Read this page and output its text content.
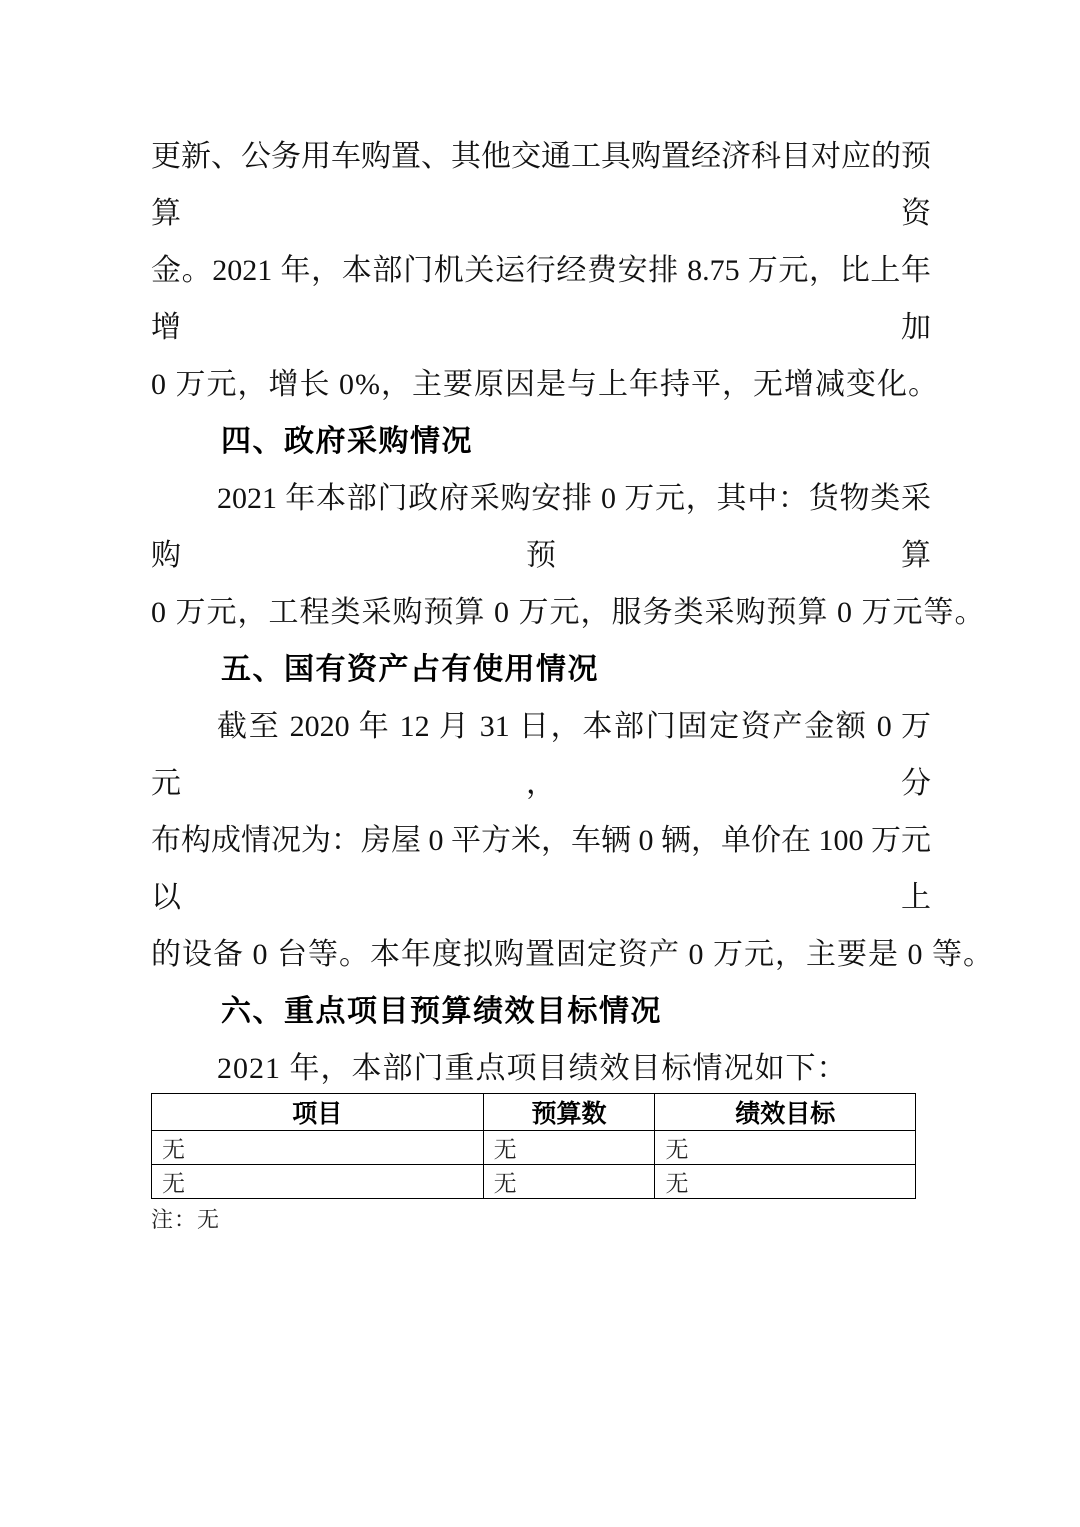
更新、公务用车购置、其他交通工具购置经济科目对应的预算资
金。2021 年，本部门机关运行经费安排 8.75 万元，比上年增加
0 万元，增长 0%，主要原因是与上年持平，无增减变化。
四、政府采购情况
2021 年本部门政府采购安排 0 万元，其中：货物类采购预算
0 万元，工程类采购预算 0 万元，服务类采购预算 0 万元等。
五、国有资产占有使用情况
截至 2020 年 12 月 31 日，本部门固定资产金额 0 万元，分
布构成情况为：房屋 0 平方米，车辆 0 辆，单价在 100 万元以上
的设备 0 台等。本年度拟购置固定资产 0 万元，主要是 0 等。
六、重点项目预算绩效目标情况
2021 年，本部门重点项目绩效目标情况如下：
项目	预算数	绩效目标
无	无	无
无	无	无
注：无
